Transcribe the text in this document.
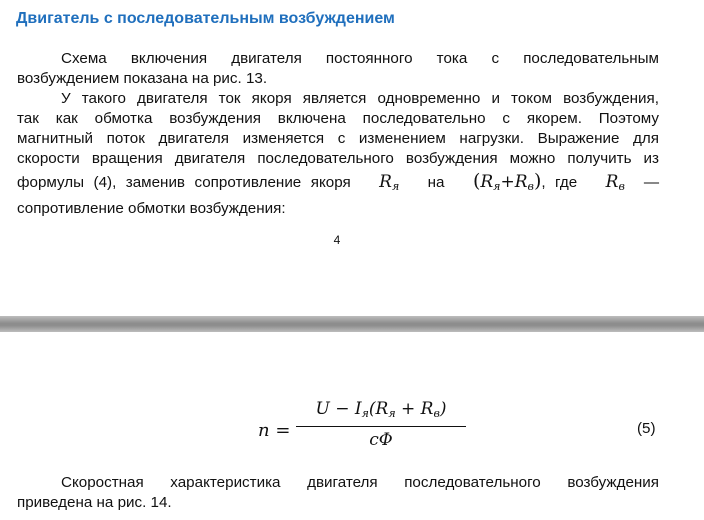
Двигатель с последовательным возбуждением

Схема включения двигателя постоянного тока с последовательным
возбуждением показана на рис. 13.

У такого двигателя ток якоря является одновременно и током возбуждения,
так как обмотка возбуждения включена последовательно с якорем. Поэтому
магнитный поток двигателя изменяется с изменением нагрузки. Выражение для
скорости вращения двигателя последовательного возбуждения можно получить из
формулы (4), заменив сопротивление якоря $R_я$ на $(R_я+R_в)$, где $R_в$ —
сопротивление обмотки возбуждения:

4
n =
$U - I_я(R_я + R_в)$
cΦ
(5)

Скоростная характеристика двигателя последовательного возбуждения
приведена на рис. 14.
